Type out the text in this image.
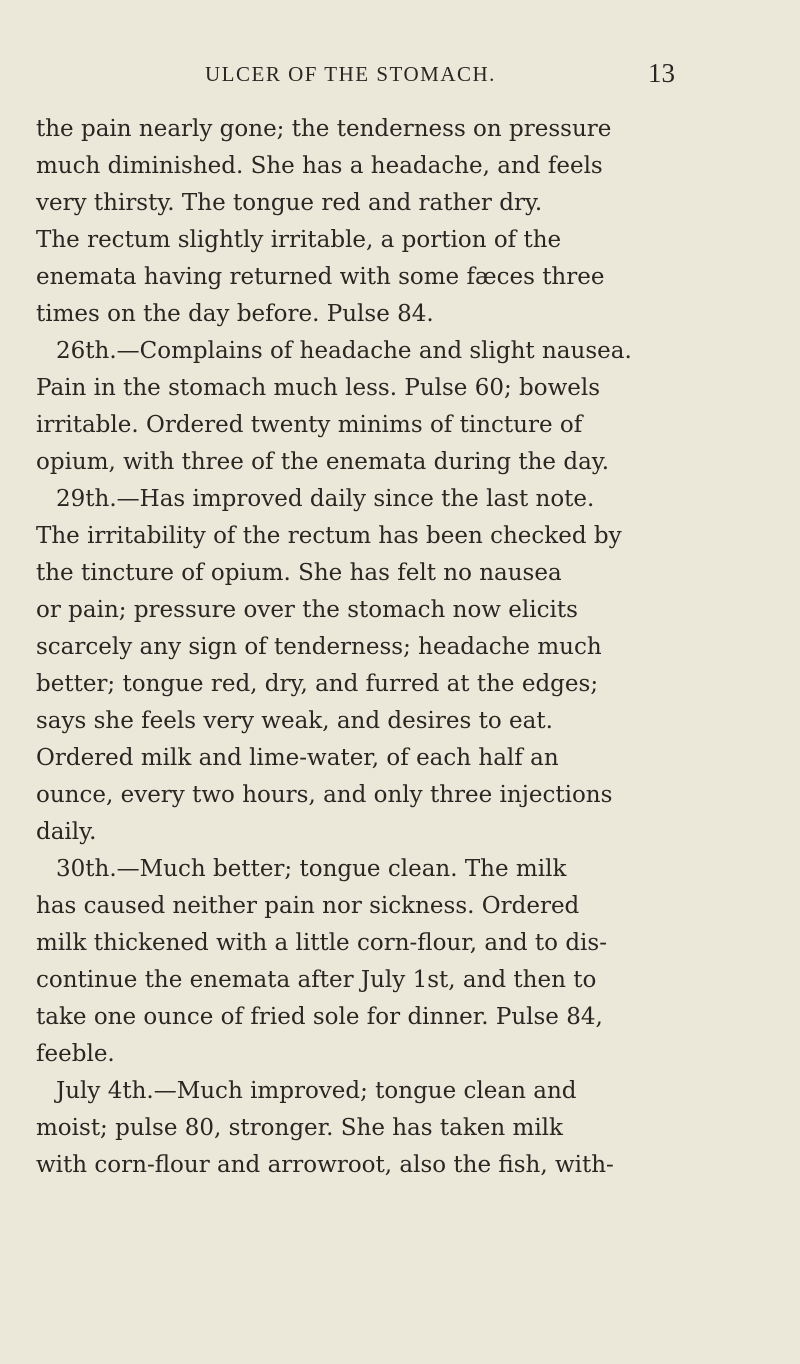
ULCER OF THE STOMACH.	13
the pain nearly gone; the tenderness on pressure
much diminished. She has a headache, and feels
very thirsty. The tongue red and rather dry.
The rectum slightly irritable, a portion of the
enemata having returned with some fæces three
times on the day before. Pulse 84.
26th.—Complains of headache and slight nausea.
Pain in the stomach much less. Pulse 60; bowels
irritable. Ordered twenty minims of tincture of
opium, with three of the enemata during the day.
29th.—Has improved daily since the last note.
The irritability of the rectum has been checked by
the tincture of opium. She has felt no nausea
or pain; pressure over the stomach now elicits
scarcely any sign of tenderness; headache much
better; tongue red, dry, and furred at the edges;
says she feels very weak, and desires to eat.
Ordered milk and lime-water, of each half an
ounce, every two hours, and only three injections
daily.
30th.—Much better; tongue clean. The milk
has caused neither pain nor sickness. Ordered
milk thickened with a little corn-flour, and to dis-
continue the enemata after July 1st, and then to
take one ounce of fried sole for dinner. Pulse 84,
feeble.
July 4th.—Much improved; tongue clean and
moist; pulse 80, stronger. She has taken milk
with corn-flour and arrowroot, also the fish, with-
